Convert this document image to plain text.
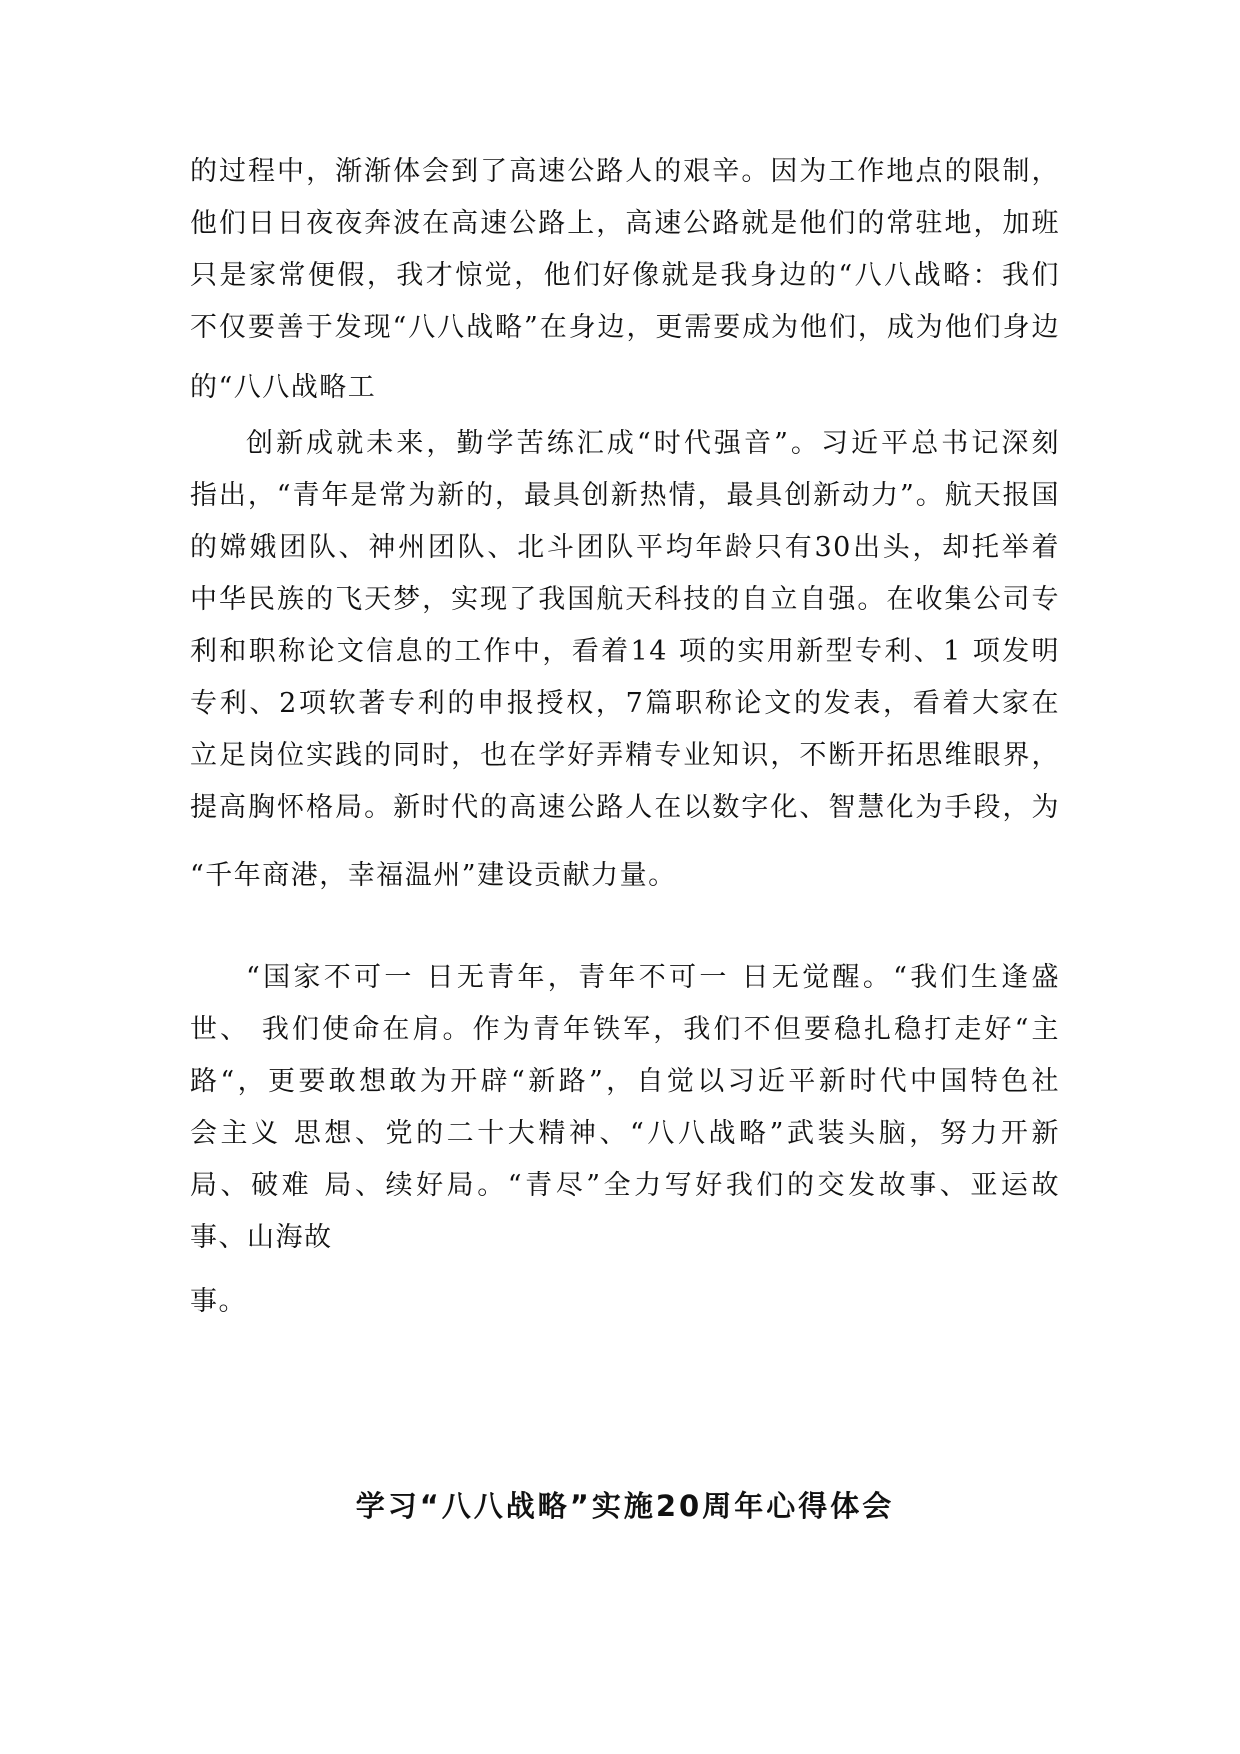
的过程中，渐渐体会到了高速公路人的艰辛。因为工作地点的限制，
他们日日夜夜奔波在高速公路上，高速公路就是他们的常驻地，加班
只是家常便假，我才惊觉，他们好像就是我身边的“八八战略：我们
不仅要善于发现“八八战略”在身边，更需要成为他们，成为他们身边
的“八八战略工
创新成就未来，勤学苦练汇成“时代强音”。习近平总书记深刻
指出，“青年是常为新的，最具创新热情，最具创新动力”。航天报国
的嫦娥团队、神州团队、北斗团队平均年龄只有30出头，却托举着
中华民族的飞天梦，实现了我国航天科技的自立自强。在收集公司专
利和职称论文信息的工作中，看着14 项的实用新型专利、1 项发明
专利、2项软著专利的申报授权，7篇职称论文的发表，看着大家在
立足岗位实践的同时，也在学好弄精专业知识，不断开拓思维眼界，
提高胸怀格局。新时代的高速公路人在以数字化、智慧化为手段，为
“千年商港，幸福温州”建设贡献力量。
“国家不可一 日无青年，青年不可一 日无觉醒。“我们生逢盛
世、 我们使命在肩。作为青年铁军，我们不但要稳扎稳打走好“主
路“，更要敢想敢为开辟“新路”，自觉以习近平新时代中国特色社
会主义 思想、党的二十大精神、“八八战略”武装头脑，努力开新
局、破难 局、续好局。“青尽”全力写好我们的交发故事、亚运故
事、山海故
事。
学习“八八战略”实施20周年心得体会
